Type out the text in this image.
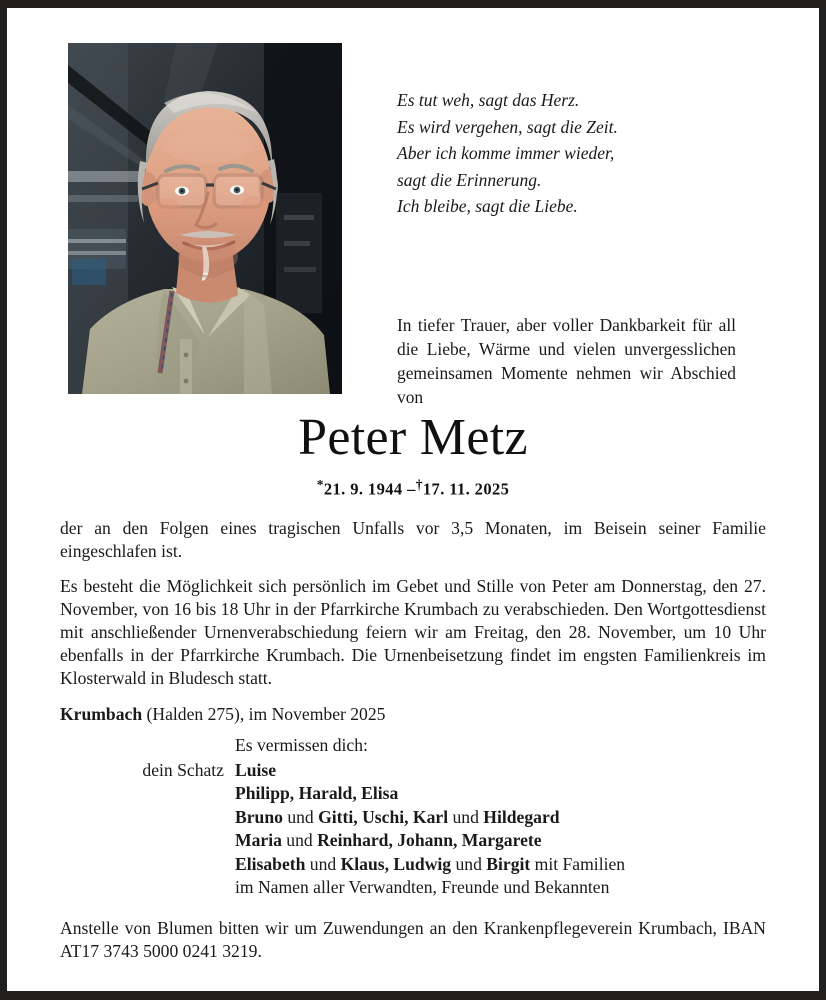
Es tut weh, sagt das Herz.
Es wird vergehen, sagt die Zeit.
Aber ich komme immer wieder,
sagt die Erinnerung.
Ich bleibe, sagt die Liebe.
In tiefer Trauer, aber voller Dankbarkeit für all die Liebe, Wärme und vielen unvergesslichen gemeinsamen Momente nehmen wir Abschied von
Peter Metz
*21. 9. 1944 –†17. 11. 2025

der an den Folgen eines tragischen Unfalls vor 3,5 Monaten, im Beisein seiner Familie eingeschlafen ist.

Es besteht die Möglichkeit sich persönlich im Gebet und Stille von Peter am Donnerstag, den 27. November, von 16 bis 18 Uhr in der Pfarrkirche Krumbach zu verabschieden. Den Wortgottesdienst mit anschließender Urnenverabschiedung feiern wir am Freitag, den 28. November, um 10 Uhr ebenfalls in der Pfarrkirche Krumbach. Die Urnenbeisetzung findet im engsten Familienkreis im Klosterwald in Bludesch statt.

Krumbach (Halden 275), im November 2025

Es vermissen dich:
dein Schatz Luise
Philipp, Harald, Elisa
Bruno und Gitti, Uschi, Karl und Hildegard
Maria und Reinhard, Johann, Margarete
Elisabeth und Klaus, Ludwig und Birgit mit Familien
im Namen aller Verwandten, Freunde und Bekannten

Anstelle von Blumen bitten wir um Zuwendungen an den Krankenpflegeverein Krumbach, IBAN AT17 3743 5000 0241 3219.
